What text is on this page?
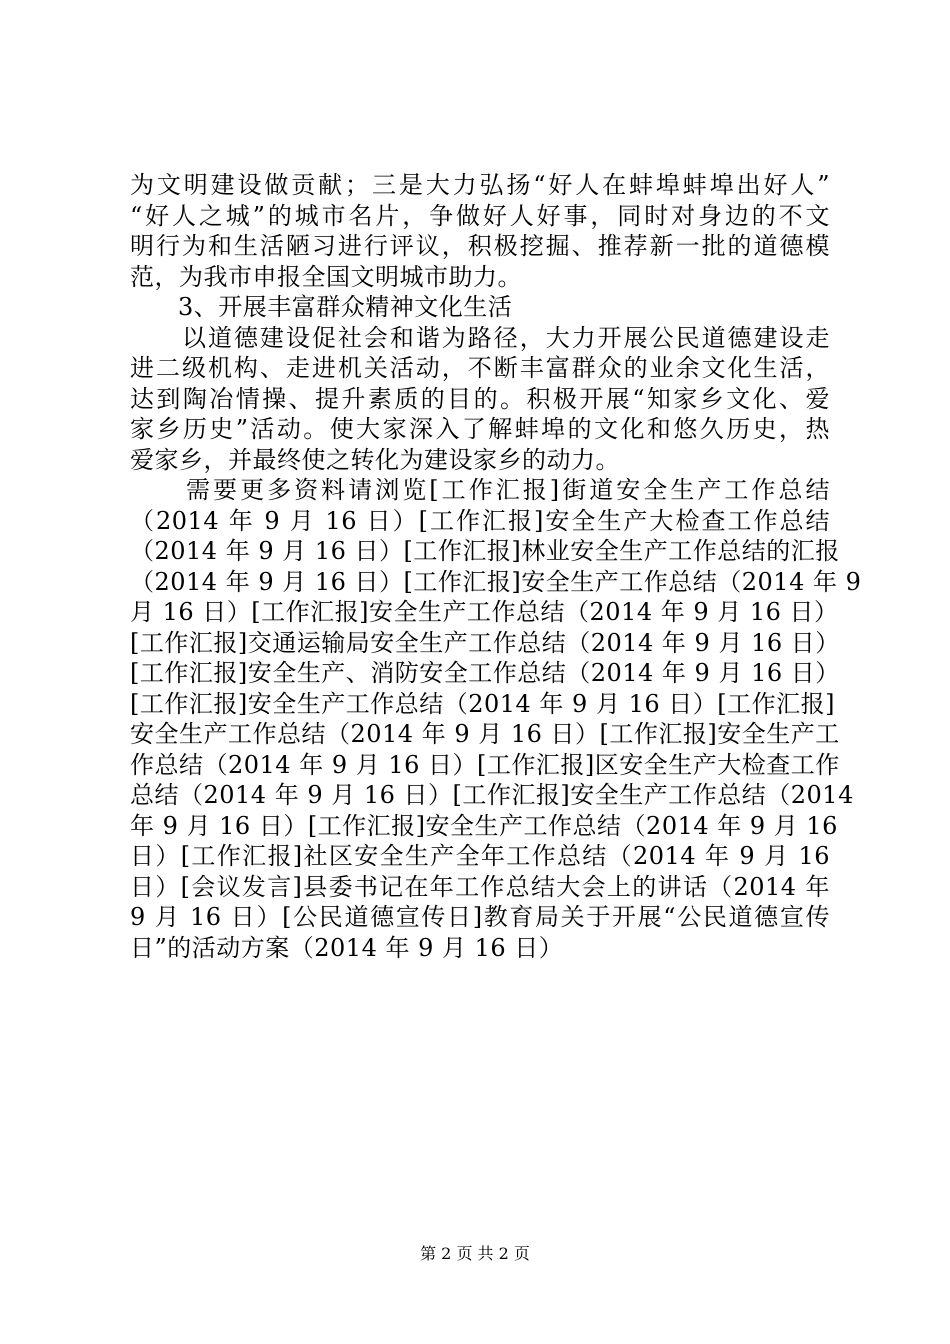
为文明建设做贡献；三是大力弘扬“好人在蚌埠蚌埠出好人”
“好人之城”的城市名片，争做好人好事，同时对身边的不文
明行为和生活陋习进行评议，积极挖掘、推荐新一批的道德模
范，为我市申报全国文明城市助力。
3、开展丰富群众精神文化生活
以道德建设促社会和谐为路径，大力开展公民道德建设走
进二级机构、走进机关活动，不断丰富群众的业余文化生活，
达到陶冶情操、提升素质的目的。积极开展“知家乡文化、爱
家乡历史”活动。使大家深入了解蚌埠的文化和悠久历史，热
爱家乡，并最终使之转化为建设家乡的动力。
需要更多资料请浏览[工作汇报]街道安全生产工作总结
（2014 年 9 月 16 日）[工作汇报]安全生产大检查工作总结
（2014 年 9 月 16 日）[工作汇报]林业安全生产工作总结的汇报
（2014 年 9 月 16 日）[工作汇报]安全生产工作总结（2014 年 9
月 16 日）[工作汇报]安全生产工作总结（2014 年 9 月 16 日）
[工作汇报]交通运输局安全生产工作总结（2014 年 9 月 16 日）
[工作汇报]安全生产、消防安全工作总结（2014 年 9 月 16 日）
[工作汇报]安全生产工作总结（2014 年 9 月 16 日）[工作汇报]
安全生产工作总结（2014 年 9 月 16 日）[工作汇报]安全生产工
作总结（2014 年 9 月 16 日）[工作汇报]区安全生产大检查工作
总结（2014 年 9 月 16 日）[工作汇报]安全生产工作总结（2014
年 9 月 16 日）[工作汇报]安全生产工作总结（2014 年 9 月 16
日）[工作汇报]社区安全生产全年工作总结（2014 年 9 月 16
日）[会议发言]县委书记在年工作总结大会上的讲话（2014 年
9 月 16 日）[公民道德宣传日]教育局关于开展“公民道德宣传
日”的活动方案（2014 年 9 月 16 日）
第 2 页 共 2 页
